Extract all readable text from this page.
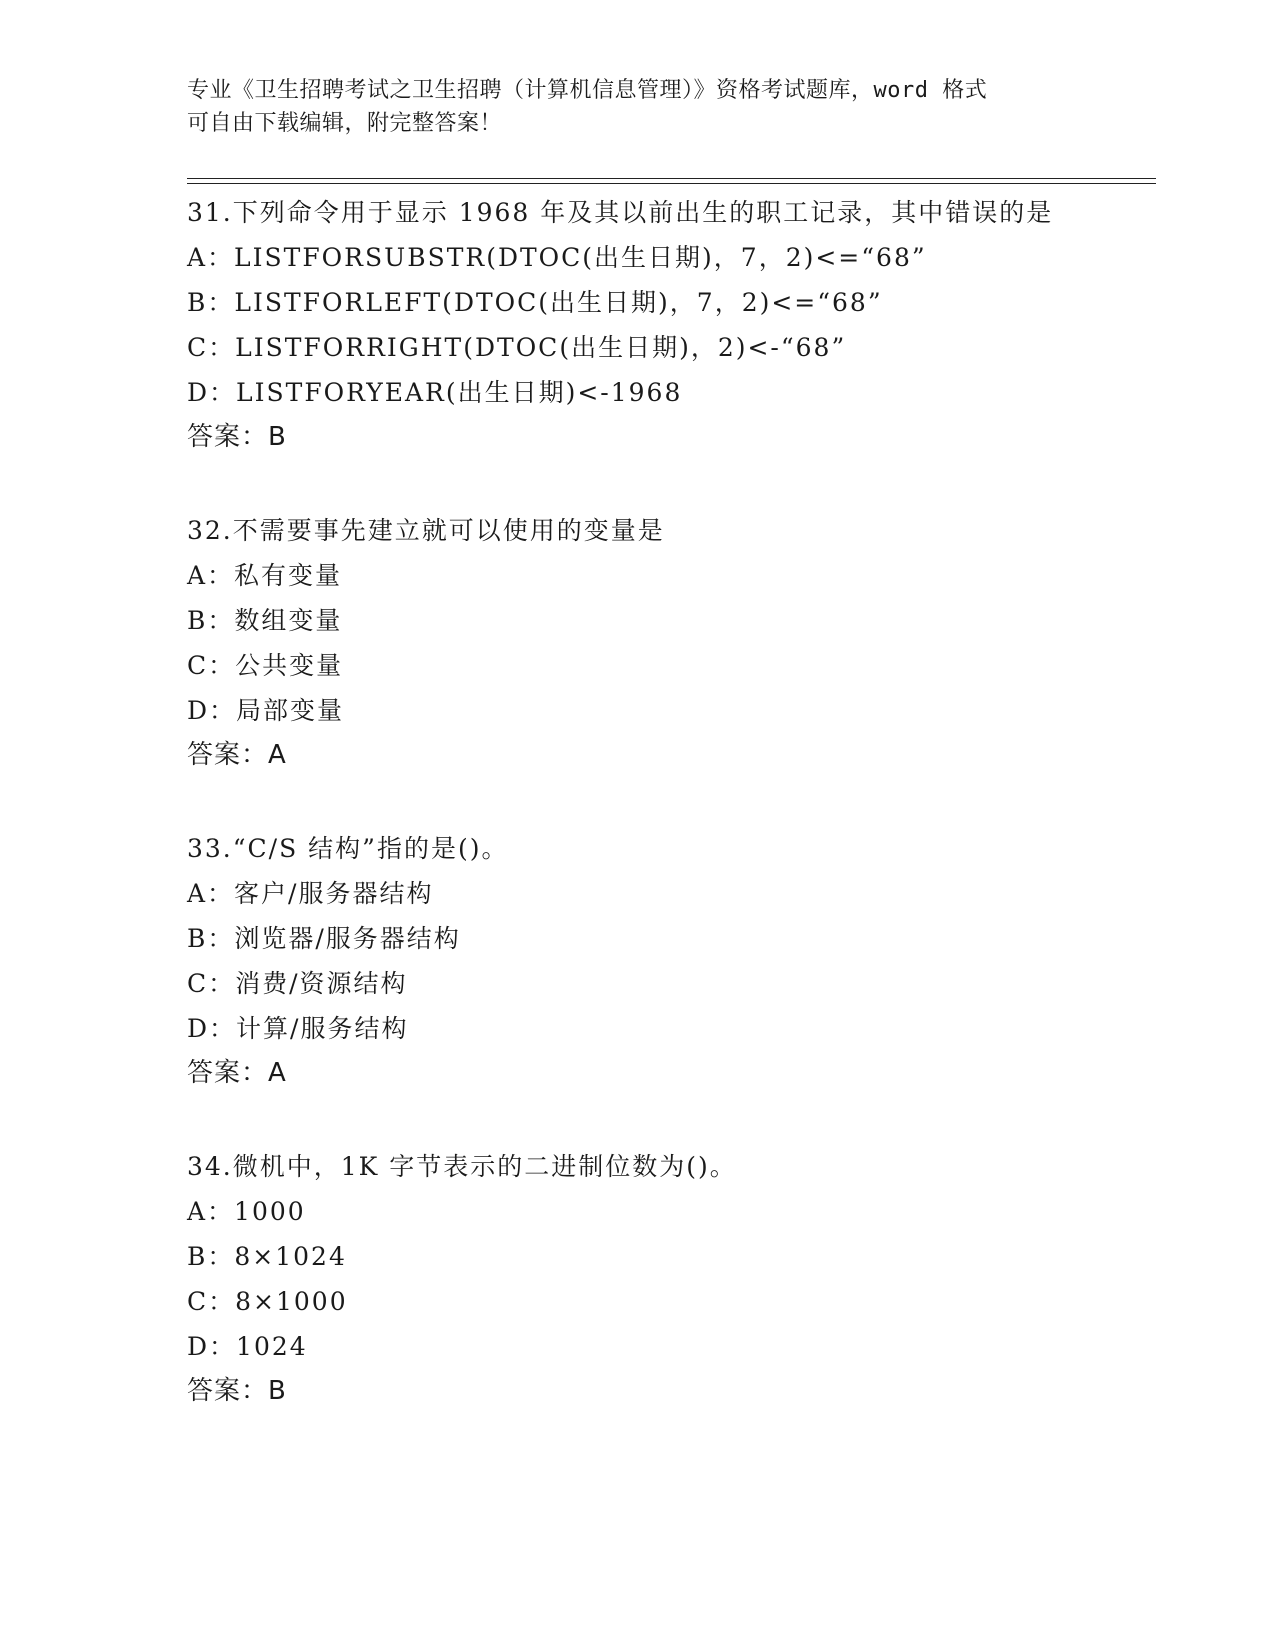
专业《卫生招聘考试之卫生招聘（计算机信息管理）》资格考试题库，word 格式
可自由下载编辑，附完整答案！
31.下列命令用于显示 1968 年及其以前出生的职工记录，其中错误的是
A：LISTFORSUBSTR(DTOC(出生日期)，7，2)<=“68”
B：LISTFORLEFT(DTOC(出生日期)，7，2)<=“68”
C：LISTFORRIGHT(DTOC(出生日期)，2)<-“68”
D：LISTFORYEAR(出生日期)<-1968
答案：B
32.不需要事先建立就可以使用的变量是
A：私有变量
B：数组变量
C：公共变量
D：局部变量
答案：A
33.“C/S 结构”指的是()。
A：客户/服务器结构
B：浏览器/服务器结构
C：消费/资源结构
D：计算/服务结构
答案：A
34.微机中，1K 字节表示的二进制位数为()。
A：1000
B：8×1024
C：8×1000
D：1024
答案：B
